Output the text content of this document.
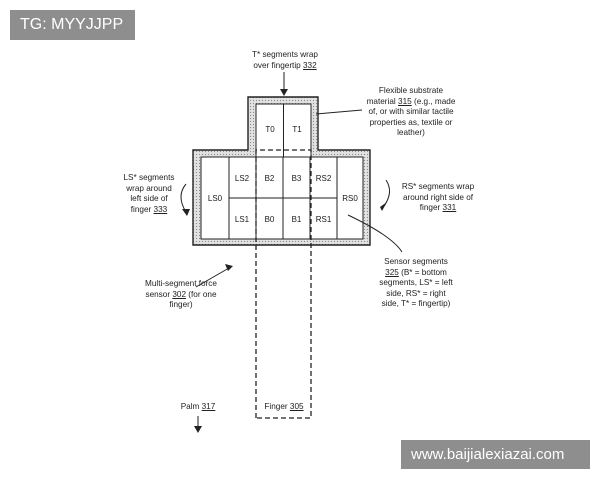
T0 T1
LS0
LS2
LS1
B2 B3
B0 B1
RS2
RS1
RS0
T* segments wrap
over fingertip 332
Flexible substrate
material 315 (e.g., made
of, or with similar tactile
properties as, textile or
leather)
LS* segments
wrap around
left side of
finger 333
RS* segments wrap
around right side of
finger 331
Sensor segments
325 (B* = bottom
segments, LS* = left
side, RS* = right
side, T* = fingertip)
Multi-segment force
sensor 302 (for one
finger)
Palm 317	Finger 305
TG: MYYJJPP
www.baijialexiazai.com
